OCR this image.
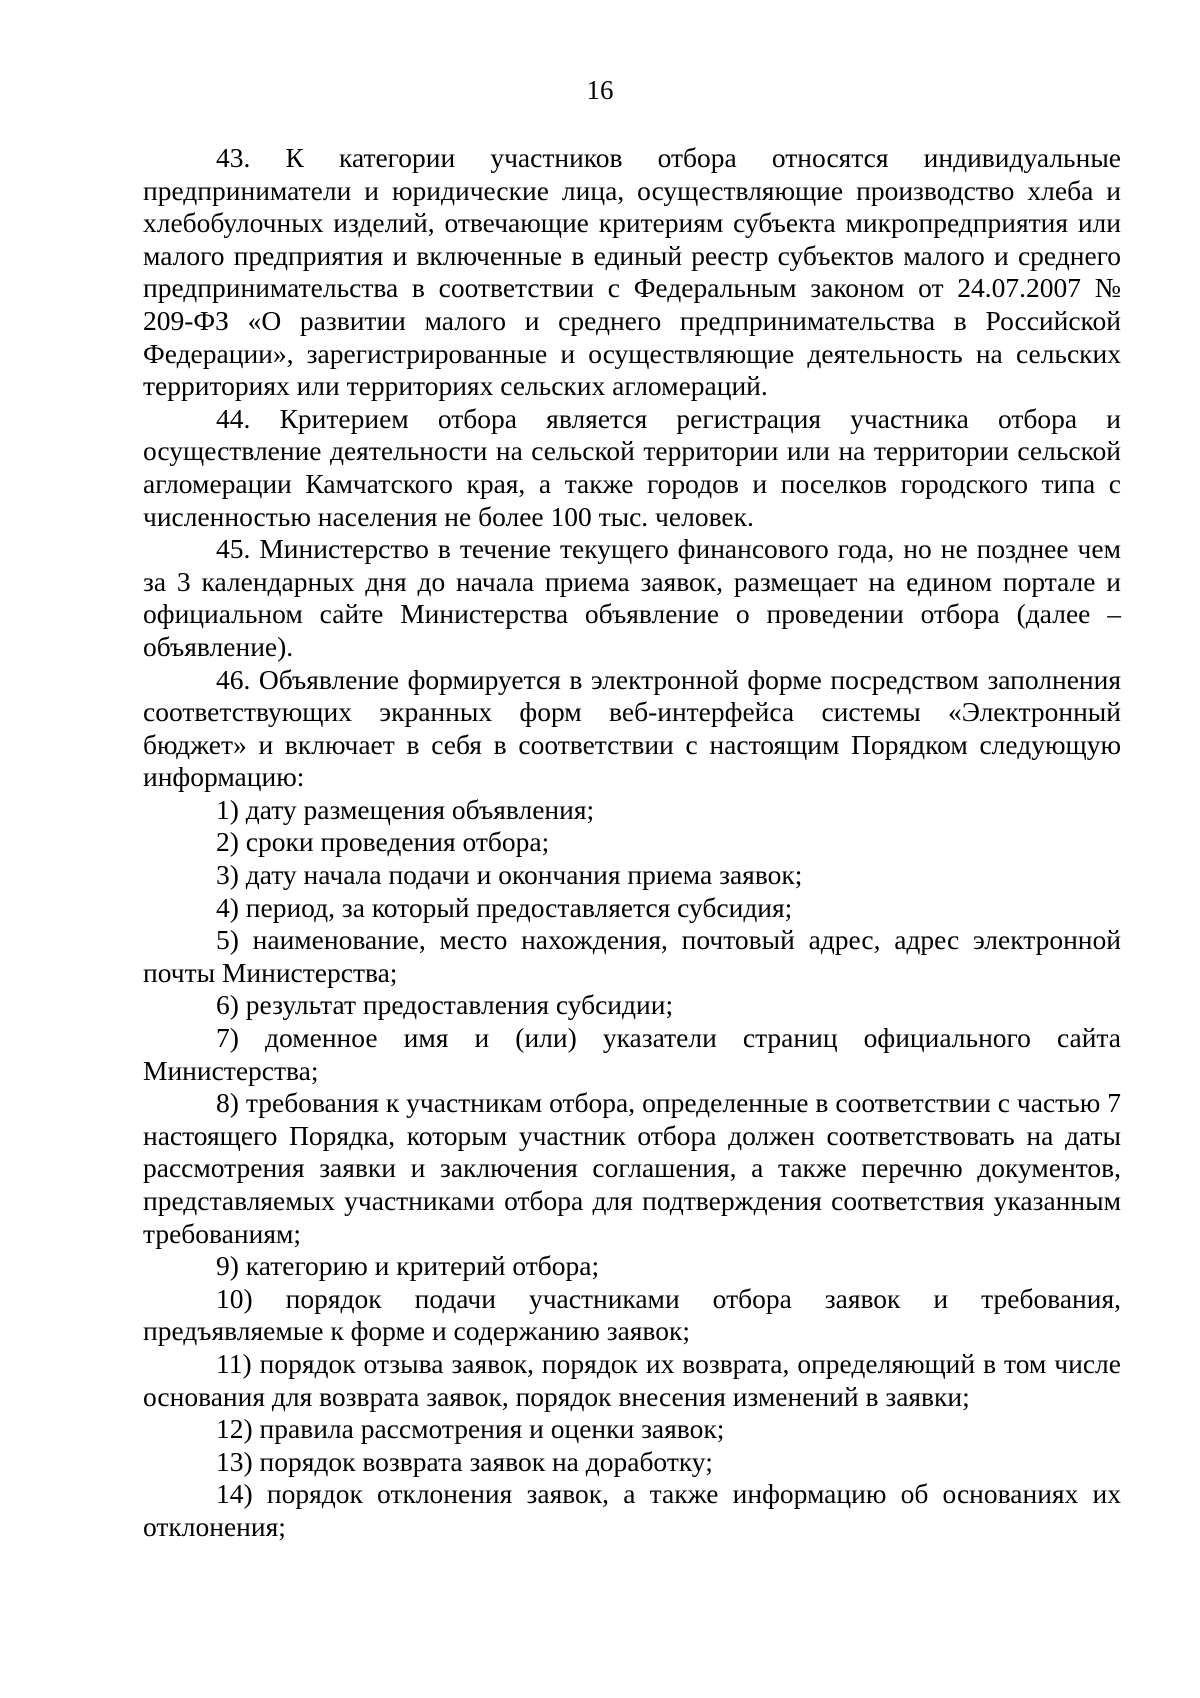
16

43. К категории участников отбора относятся индивидуальные предприниматели и юридические лица, осуществляющие производство хлеба и хлебобулочных изделий, отвечающие критериям субъекта микропредприятия или малого предприятия и включенные в единый реестр субъектов малого и среднего предпринимательства в соответствии с Федеральным законом от 24.07.2007 № 209-ФЗ «О развитии малого и среднего предпринимательства в Российской Федерации», зарегистрированные и осуществляющие деятельность на сельских территориях или территориях сельских агломераций.

44. Критерием отбора является регистрация участника отбора и осуществление деятельности на сельской территории или на территории сельской агломерации Камчатского края, а также городов и поселков городского типа с численностью населения не более 100 тыс. человек.

45. Министерство в течение текущего финансового года, но не позднее чем за 3 календарных дня до начала приема заявок, размещает на едином портале и официальном сайте Министерства объявление о проведении отбора (далее – объявление).

46. Объявление формируется в электронной форме посредством заполнения соответствующих экранных форм веб-интерфейса системы «Электронный бюджет» и включает в себя в соответствии с настоящим Порядком следующую информацию:

1) дату размещения объявления;

2) сроки проведения отбора;

3) дату начала подачи и окончания приема заявок;

4) период, за который предоставляется субсидия;

5) наименование, место нахождения, почтовый адрес, адрес электронной почты Министерства;

6) результат предоставления субсидии;

7) доменное имя и (или) указатели страниц официального сайта Министерства;

8) требования к участникам отбора, определенные в соответствии с частью 7 настоящего Порядка, которым участник отбора должен соответствовать на даты рассмотрения заявки и заключения соглашения, а также перечню документов, представляемых участниками отбора для подтверждения соответствия указанным требованиям;

9) категорию и критерий отбора;

10) порядок подачи участниками отбора заявок и требования, предъявляемые к форме и содержанию заявок;

11) порядок отзыва заявок, порядок их возврата, определяющий в том числе основания для возврата заявок, порядок внесения изменений в заявки;

12) правила рассмотрения и оценки заявок;

13) порядок возврата заявок на доработку;

14) порядок отклонения заявок, а также информацию об основаниях их отклонения;
